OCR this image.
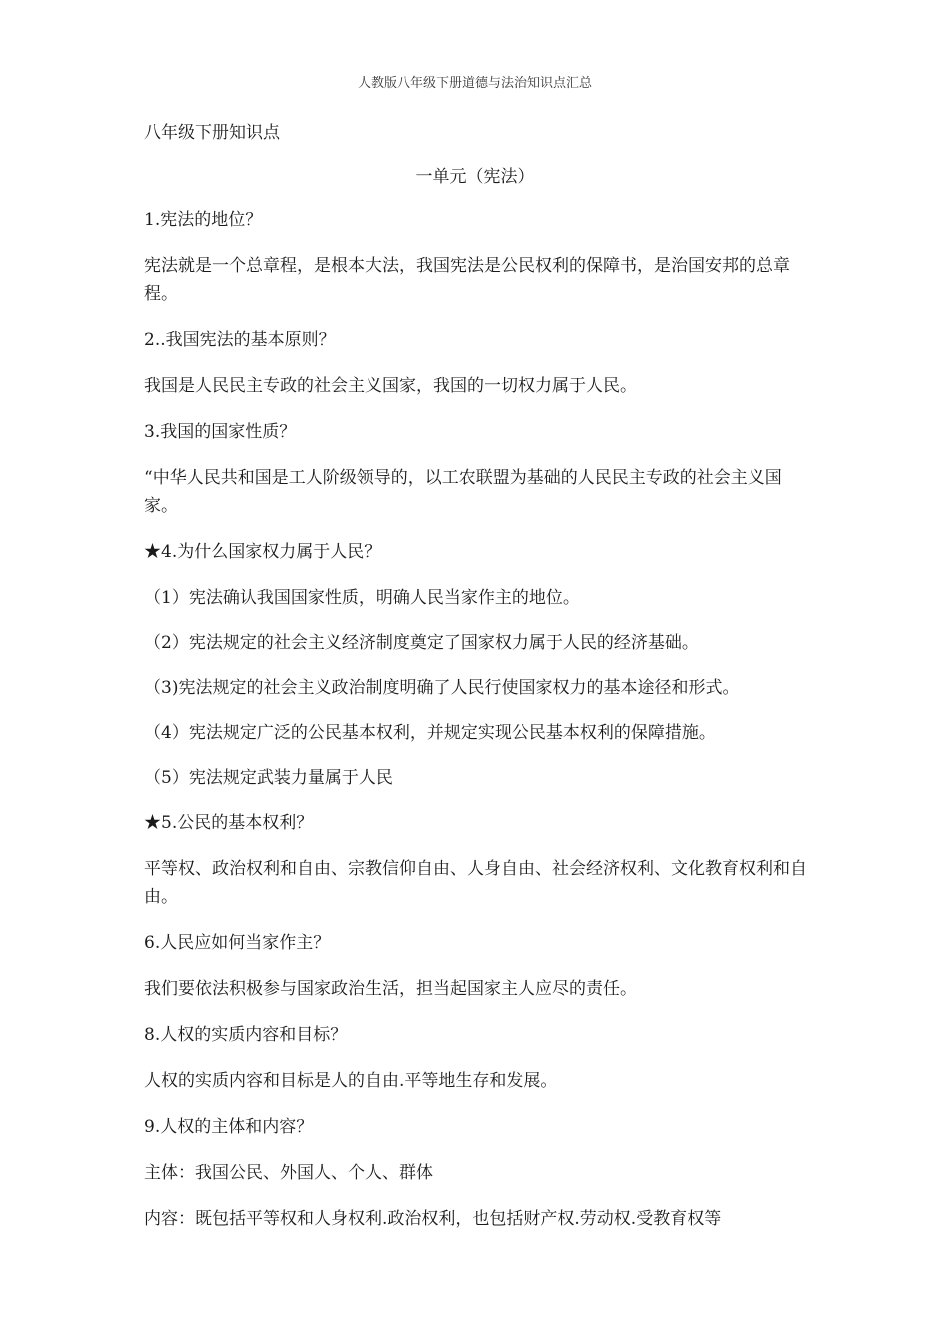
人教版八年级下册道德与法治知识点汇总
八年级下册知识点
一单元（宪法）

1.宪法的地位？

宪法就是一个总章程，是根本大法，我国宪法是公民权利的保障书，是治国安邦的总章程。

2..我国宪法的基本原则？

我国是人民民主专政的社会主义国家，我国的一切权力属于人民。

3.我国的国家性质？

“中华人民共和国是工人阶级领导的，以工农联盟为基础的人民民主专政的社会主义国家。

★4.为什么国家权力属于人民？

（1）宪法确认我国国家性质，明确人民当家作主的地位。

（2）宪法规定的社会主义经济制度奠定了国家权力属于人民的经济基础。

（3)宪法规定的社会主义政治制度明确了人民行使国家权力的基本途径和形式。

（4）宪法规定广泛的公民基本权利，并规定实现公民基本权利的保障措施。

（5）宪法规定武装力量属于人民

★5.公民的基本权利？

平等权、政治权利和自由、宗教信仰自由、人身自由、社会经济权利、文化教育权利和自由。

6.人民应如何当家作主？

我们要依法积极参与国家政治生活，担当起国家主人应尽的责任。

8.人权的实质内容和目标？

人权的实质内容和目标是人的自由.平等地生存和发展。

9.人权的主体和内容？

主体：我国公民、外国人、个人、群体

内容：既包括平等权和人身权利.政治权利，也包括财产权.劳动权.受教育权等
